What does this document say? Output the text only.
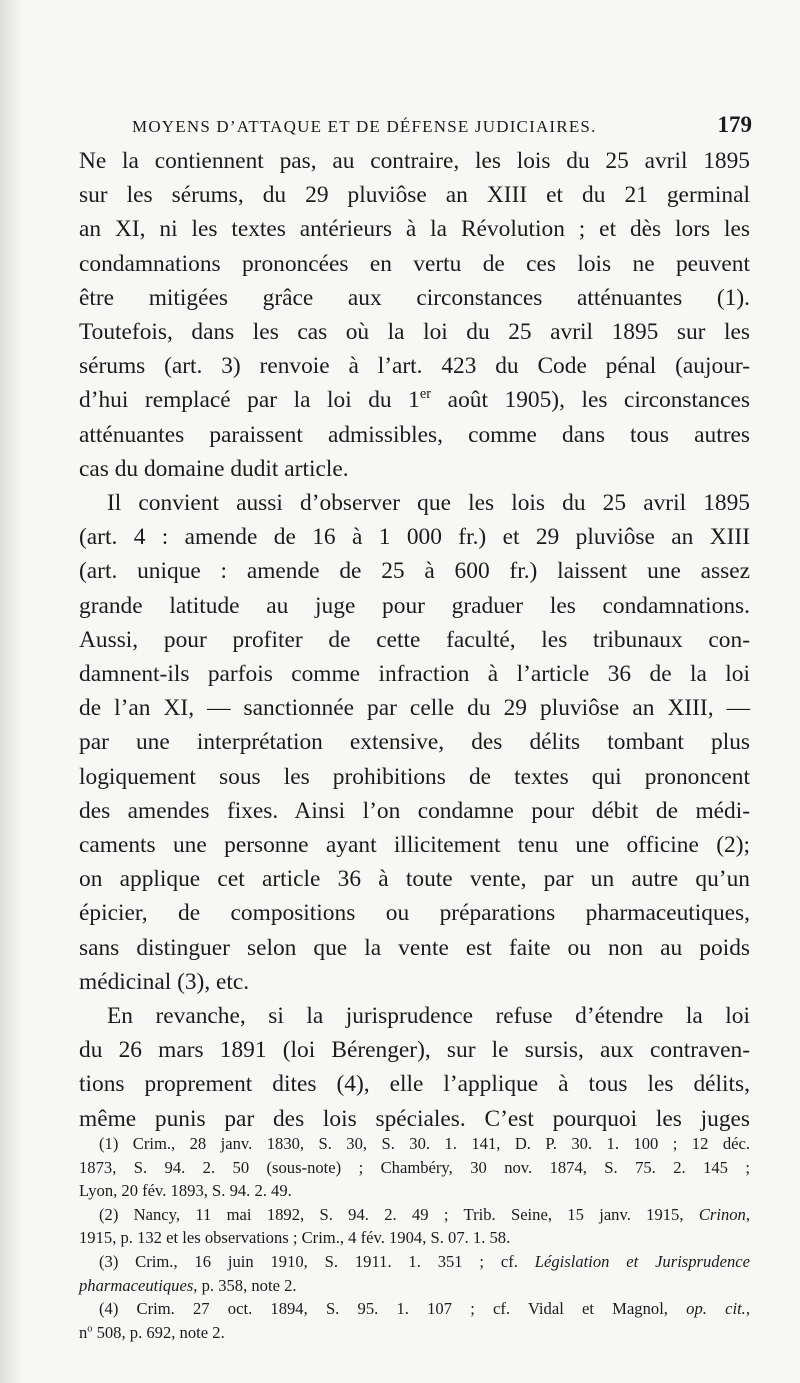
MOYENS D’ATTAQUE ET DE DÉFENSE JUDICIAIRES.	179
Ne la contiennent pas, au contraire, les lois du 25 avril 1895
sur les sérums, du 29 pluviôse an XIII et du 21 germinal
an XI, ni les textes antérieurs à la Révolution ; et dès lors les
condamnations prononcées en vertu de ces lois ne peuvent
être mitigées grâce aux circonstances atténuantes (1).
Toutefois, dans les cas où la loi du 25 avril 1895 sur les
sérums (art. 3) renvoie à l’art. 423 du Code pénal (aujour-
d’hui remplacé par la loi du 1er août 1905), les circonstances
atténuantes paraissent admissibles, comme dans tous autres
cas du domaine dudit article.
Il convient aussi d’observer que les lois du 25 avril 1895
(art. 4 : amende de 16 à 1 000 fr.) et 29 pluviôse an XIII
(art. unique : amende de 25 à 600 fr.) laissent une assez
grande latitude au juge pour graduer les condamnations.
Aussi, pour profiter de cette faculté, les tribunaux con-
damnent-ils parfois comme infraction à l’article 36 de la loi
de l’an XI, — sanctionnée par celle du 29 pluviôse an XIII, —
par une interprétation extensive, des délits tombant plus
logiquement sous les prohibitions de textes qui prononcent
des amendes fixes. Ainsi l’on condamne pour débit de médi-
caments une personne ayant illicitement tenu une officine (2);
on applique cet article 36 à toute vente, par un autre qu’un
épicier, de compositions ou préparations pharmaceutiques,
sans distinguer selon que la vente est faite ou non au poids
médicinal (3), etc.
En revanche, si la jurisprudence refuse d’étendre la loi
du 26 mars 1891 (loi Bérenger), sur le sursis, aux contraven-
tions proprement dites (4), elle l’applique à tous les délits,
même punis par des lois spéciales. C’est pourquoi les juges
(1) Crim., 28 janv. 1830, S. 30, S. 30. 1. 141, D. P. 30. 1. 100 ; 12 déc.
1873, S. 94. 2. 50 (sous-note) ; Chambéry, 30 nov. 1874, S. 75. 2. 145 ;
Lyon, 20 fév. 1893, S. 94. 2. 49.
(2) Nancy, 11 mai 1892, S. 94. 2. 49 ; Trib. Seine, 15 janv. 1915, Crinon,
1915, p. 132 et les observations ; Crim., 4 fév. 1904, S. 07. 1. 58.
(3) Crim., 16 juin 1910, S. 1911. 1. 351 ; cf. Législation et Jurisprudence
pharmaceutiques, p. 358, note 2.
(4) Crim. 27 oct. 1894, S. 95. 1. 107 ; cf. Vidal et Magnol, op. cit.,
$n^o$ 508, p. 692, note 2.
